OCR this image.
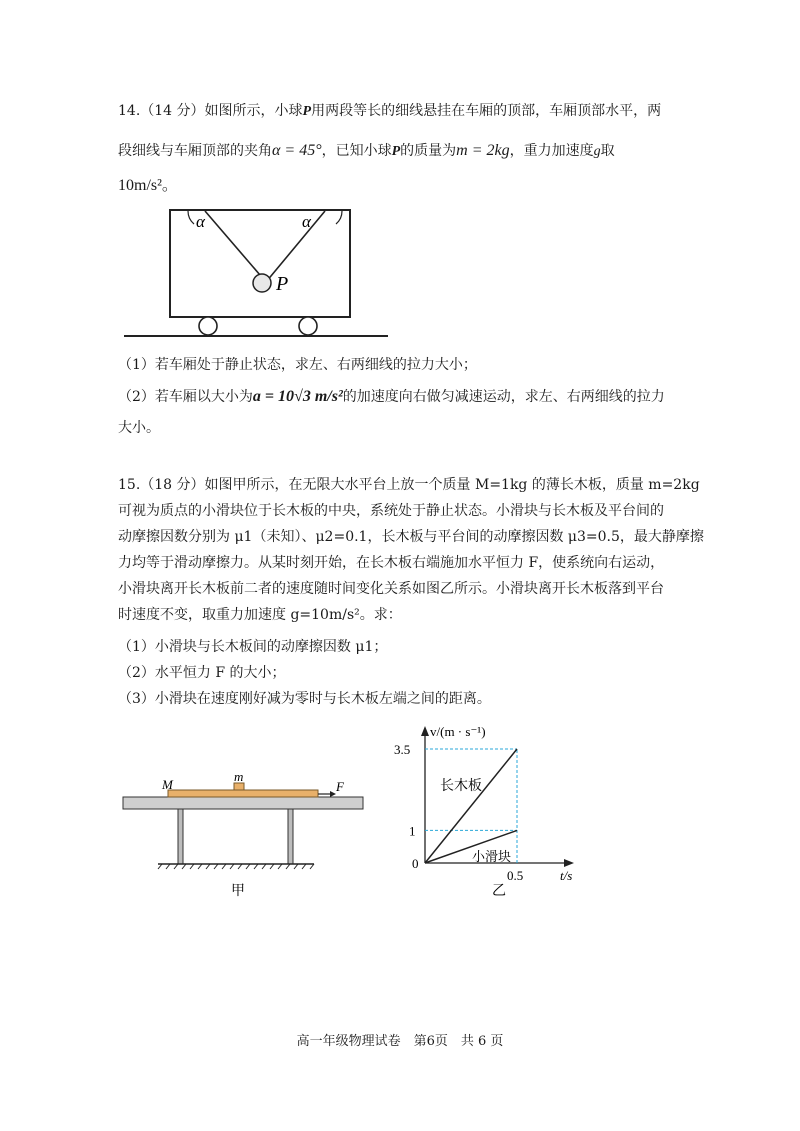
14.（14 分）如图所示，小球P用两段等长的细线悬挂在车厢的顶部，车厢顶部水平，两
段细线与车厢顶部的夹角α = 45°，已知小球P的质量为m = 2kg，重力加速度g取
10m/s²。
α	α
P
（1）若车厢处于静止状态，求左、右两细线的拉力大小；
（2）若车厢以大小为a = 10√3 m/s²的加速度向右做匀减速运动，求左、右两细线的拉力
大小。
15.（18 分）如图甲所示，在无限大水平台上放一个质量 M=1kg 的薄长木板，质量 m=2kg
可视为质点的小滑块位于长木板的中央，系统处于静止状态。小滑块与长木板及平台间的
动摩擦因数分别为 μ1（未知）、μ2=0.1，长木板与平台间的动摩擦因数 μ3=0.5，最大静摩擦
力均等于滑动摩擦力。从某时刻开始，在长木板右端施加水平恒力 F，使系统向右运动，
小滑块离开长木板前二者的速度随时间变化关系如图乙所示。小滑块离开长木板落到平台
时速度不变，取重力加速度 g=10m/s²。求：
（1）小滑块与长木板间的动摩擦因数 μ1；
（2）水平恒力 F 的大小；
（3）小滑块在速度刚好减为零时与长木板左端之间的距离。
M
m
F
甲
v/(m · s⁻¹)
t/s
3.5
1
0
0.5
长木板
小滑块
乙
高一年级物理试卷　第6页　共 6 页
